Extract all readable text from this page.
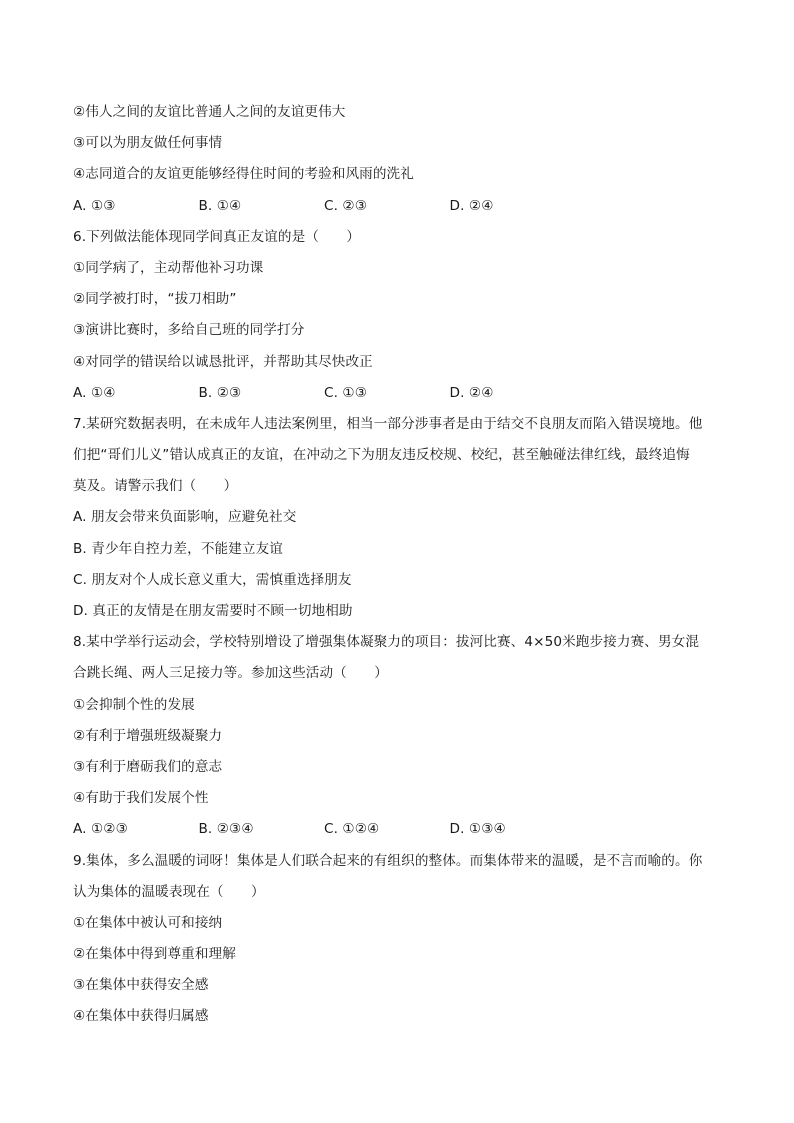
②伟人之间的友谊比普通人之间的友谊更伟大
③可以为朋友做任何事情
④志同道合的友谊更能够经得住时间的考验和风雨的洗礼
A. ①③	B. ①④	C. ②③	D. ②④
6.下列做法能体现同学间真正友谊的是（　　）
①同学病了，主动帮他补习功课
②同学被打时，“拔刀相助”
③演讲比赛时，多给自己班的同学打分
④对同学的错误给以诚恳批评，并帮助其尽快改正
A. ①④	B. ②③	C. ①③	D. ②④
7.某研究数据表明，在未成年人违法案例里，相当一部分涉事者是由于结交不良朋友而陷入错误境地。他
们把“哥们儿义”错认成真正的友谊，在冲动之下为朋友违反校规、校纪，甚至触碰法律红线，最终追悔
莫及。请警示我们（　　）
A. 朋友会带来负面影响，应避免社交
B. 青少年自控力差，不能建立友谊
C. 朋友对个人成长意义重大，需慎重选择朋友
D. 真正的友情是在朋友需要时不顾一切地相助
8.某中学举行运动会，学校特别增设了增强集体凝聚力的项目：拔河比赛、4×50米跑步接力赛、男女混
合跳长绳、两人三足接力等。参加这些活动（　　）
①会抑制个性的发展
②有利于增强班级凝聚力
③有利于磨砺我们的意志
④有助于我们发展个性
A. ①②③	B. ②③④	C. ①②④	D. ①③④
9.集体，多么温暖的词呀！集体是人们联合起来的有组织的整体。而集体带来的温暖，是不言而喻的。你
认为集体的温暖表现在（　　）
①在集体中被认可和接纳
②在集体中得到尊重和理解
③在集体中获得安全感
④在集体中获得归属感
